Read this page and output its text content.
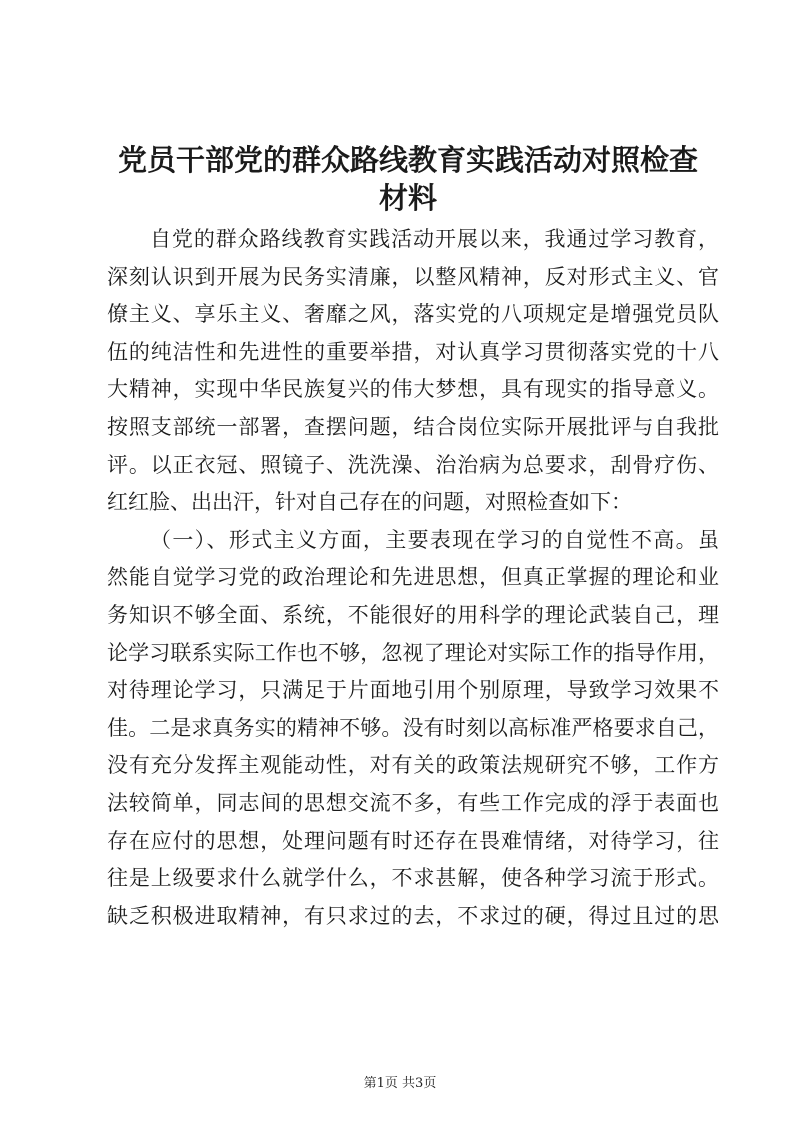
党员干部党的群众路线教育实践活动对照检查
材料
自党的群众路线教育实践活动开展以来，我通过学习教育，
深刻认识到开展为民务实清廉，以整风精神，反对形式主义、官
僚主义、享乐主义、奢靡之风，落实党的八项规定是增强党员队
伍的纯洁性和先进性的重要举措，对认真学习贯彻落实党的十八
大精神，实现中华民族复兴的伟大梦想，具有现实的指导意义。
按照支部统一部署，查摆问题，结合岗位实际开展批评与自我批
评。以正衣冠、照镜子、洗洗澡、治治病为总要求，刮骨疗伤、
红红脸、出出汗，针对自己存在的问题，对照检查如下：
（一）、形式主义方面，主要表现在学习的自觉性不高。虽
然能自觉学习党的政治理论和先进思想，但真正掌握的理论和业
务知识不够全面、系统，不能很好的用科学的理论武装自己，理
论学习联系实际工作也不够，忽视了理论对实际工作的指导作用，
对待理论学习，只满足于片面地引用个别原理，导致学习效果不
佳。二是求真务实的精神不够。没有时刻以高标准严格要求自己，
没有充分发挥主观能动性，对有关的政策法规研究不够，工作方
法较简单，同志间的思想交流不多，有些工作完成的浮于表面也
存在应付的思想，处理问题有时还存在畏难情绪，对待学习，往
往是上级要求什么就学什么，不求甚解，使各种学习流于形式。
缺乏积极进取精神，有只求过的去，不求过的硬，得过且过的思
第1页 共3页
